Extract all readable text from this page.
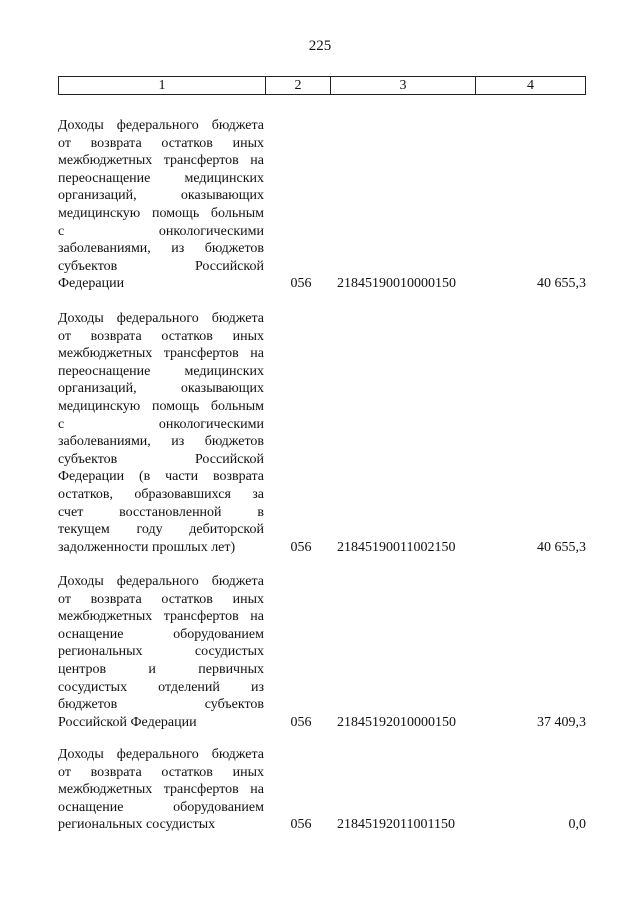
225
1	2	3	4
Доходы федерального бюджета
от возврата остатков иных
межбюджетных трансфертов на
переоснащение медицинских
организаций, оказывающих
медицинскую помощь больным
с онкологическими
заболеваниями, из бюджетов
субъектов Российской
Федерации	056	21845190010000150	40 655,3
Доходы федерального бюджета
от возврата остатков иных
межбюджетных трансфертов на
переоснащение медицинских
организаций, оказывающих
медицинскую помощь больным
с онкологическими
заболеваниями, из бюджетов
субъектов Российской
Федерации (в части возврата
остатков, образовавшихся за
счет восстановленной в
текущем году дебиторской
задолженности прошлых лет)	056	21845190011002150	40 655,3
Доходы федерального бюджета
от возврата остатков иных
межбюджетных трансфертов на
оснащение оборудованием
региональных сосудистых
центров и первичных
сосудистых отделений из
бюджетов субъектов
Российской Федерации	056	21845192010000150	37 409,3
Доходы федерального бюджета
от возврата остатков иных
межбюджетных трансфертов на
оснащение оборудованием
региональных сосудистых	056	21845192011001150	0,0
